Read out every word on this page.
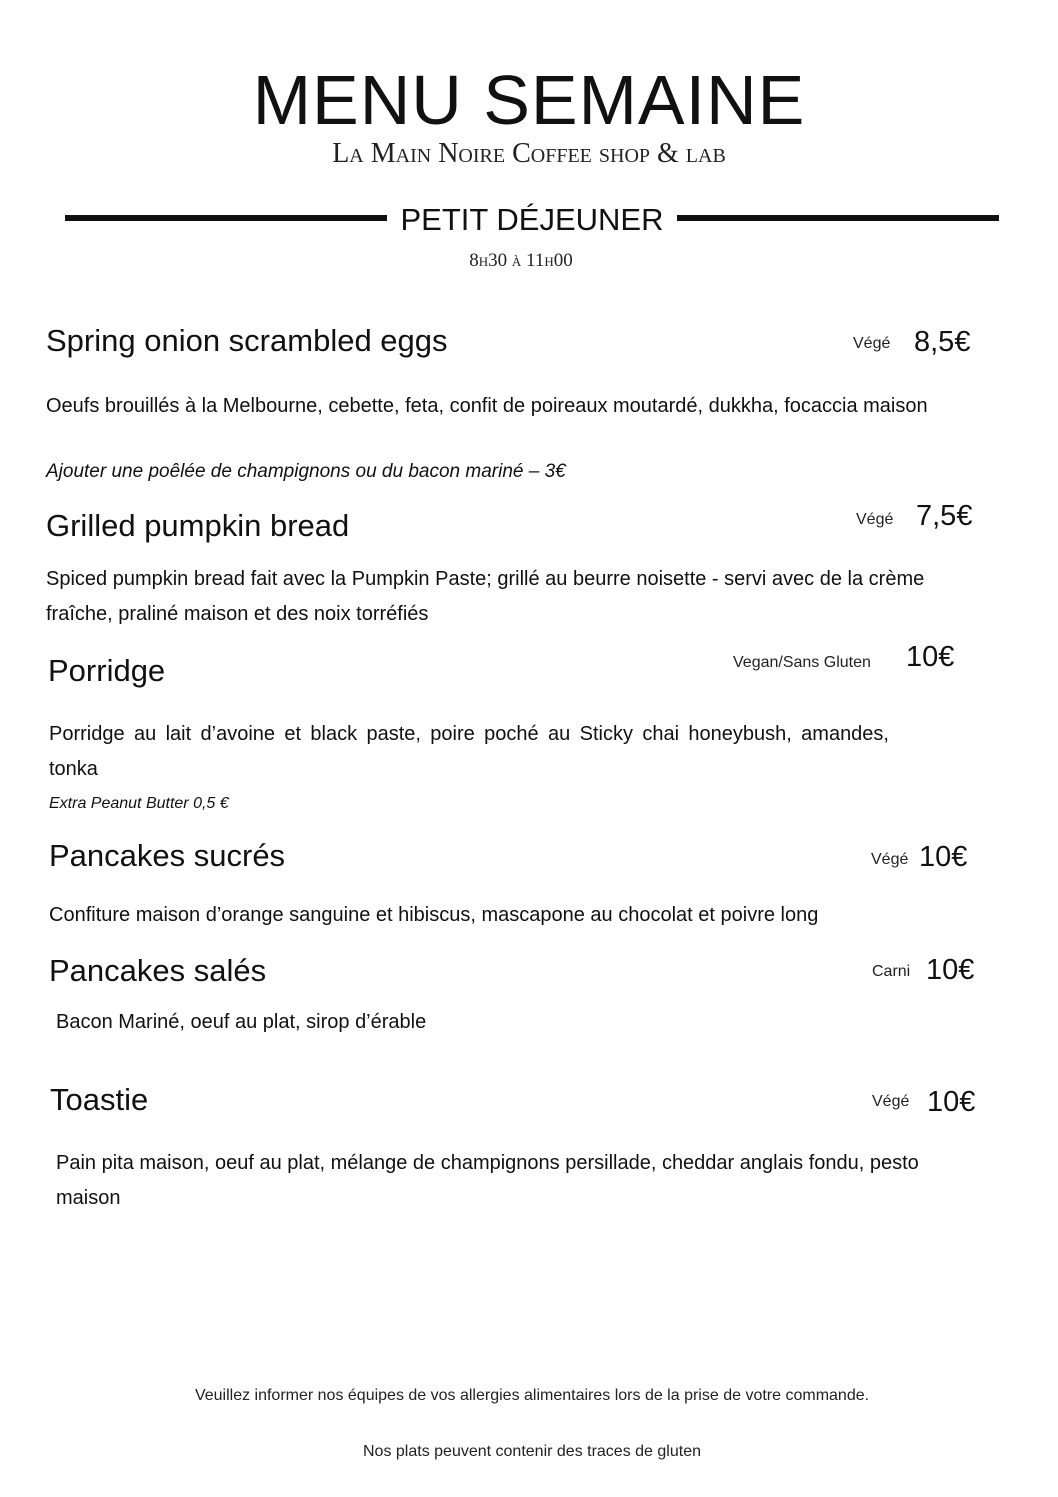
MENU SEMAINE

La Main Noire Coffee shop & lab

PETIT DÉJEUNER

8h30 à 11h00

Spring onion scrambled eggs	Végé 8,5€

Oeufs brouillés à la Melbourne, cebette, feta, confit de poireaux moutardé, dukkha, focaccia maison

Ajouter une poêlée de champignons ou du bacon mariné – 3€

Grilled pumpkin bread	Végé 7,5€

Spiced pumpkin bread fait avec la Pumpkin Paste; grillé au beurre noisette - servi avec de la crème fraîche, praliné maison et des noix torréfiés

Porridge	Vegan/Sans Gluten 10€

Porridge au lait d’avoine et black paste, poire poché au Sticky chai honeybush, amandes, tonka

Extra Peanut Butter 0,5 €

Pancakes sucrés	Végé 10€

Confiture maison d’orange sanguine et hibiscus, mascapone au chocolat et poivre long

Pancakes salés	Carni 10€

Bacon Mariné, oeuf au plat, sirop d’érable

Toastie	Végé 10€

Pain pita maison, oeuf au plat, mélange de champignons persillade, cheddar anglais fondu, pesto maison

Veuillez informer nos équipes de vos allergies alimentaires lors de la prise de votre commande.

Nos plats peuvent contenir des traces de gluten
